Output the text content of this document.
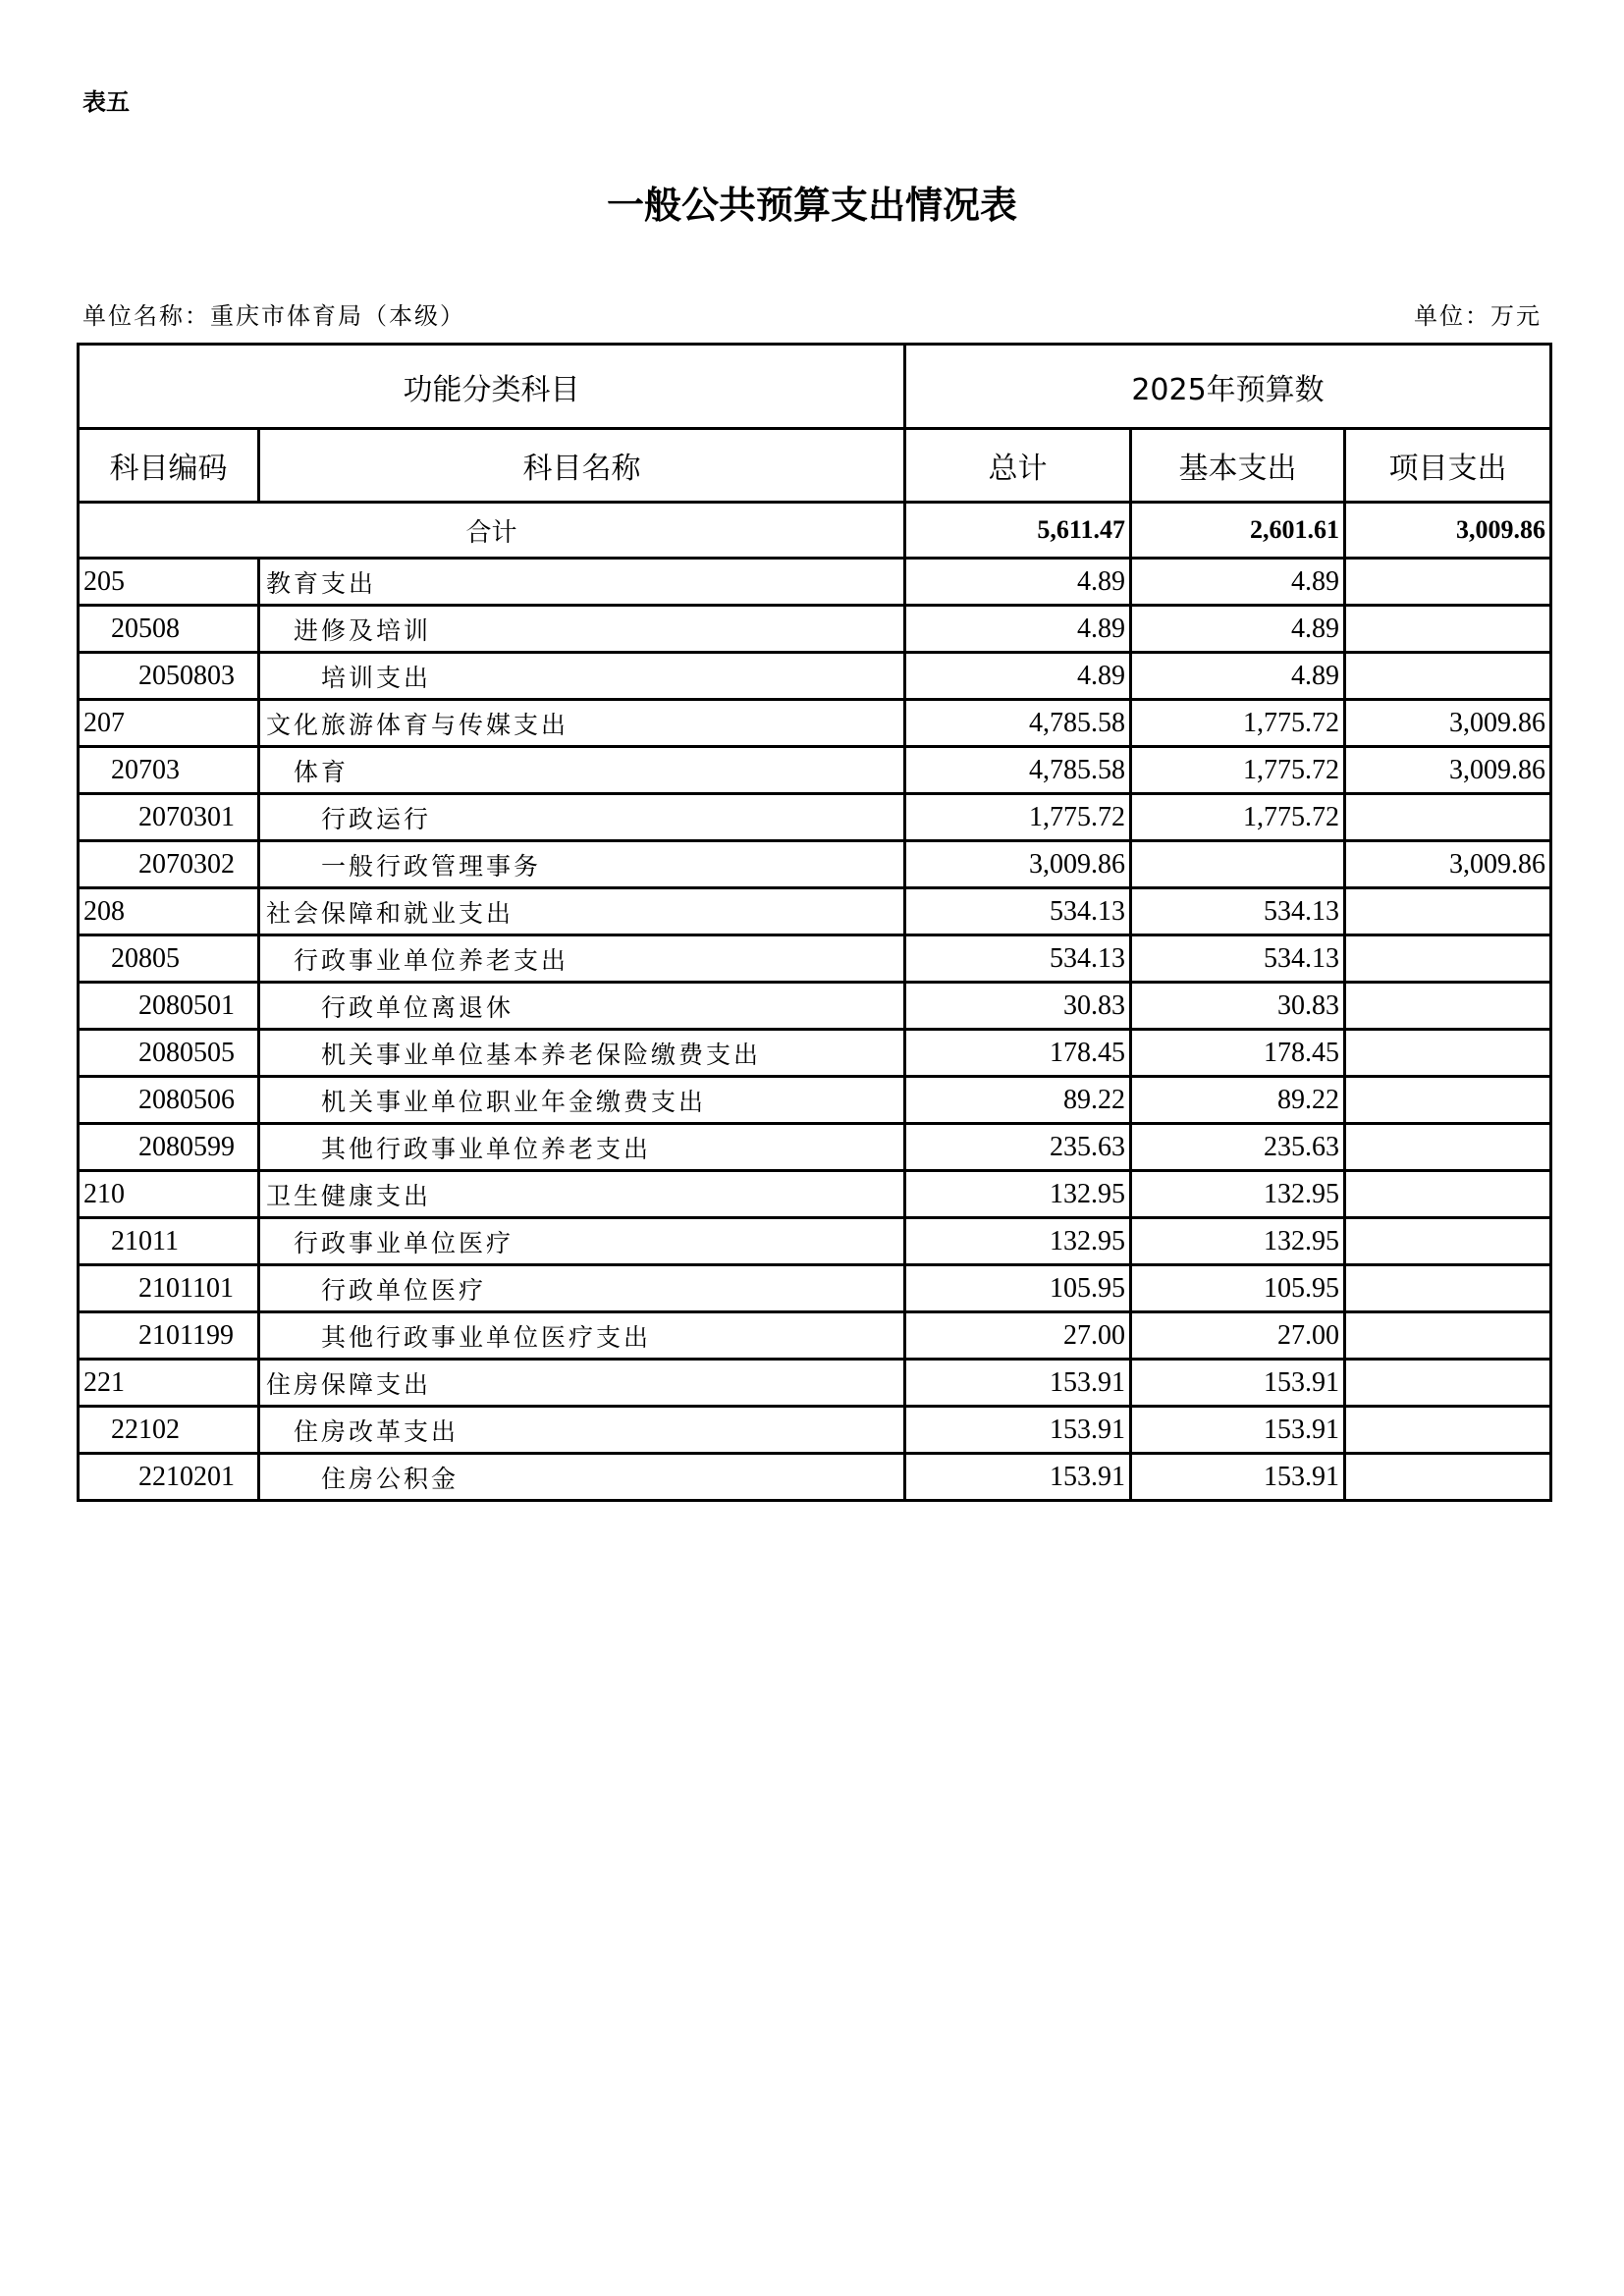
表五
一般公共预算支出情况表
单位名称：重庆市体育局（本级）	单位：万元
功能分类科目		2025年预算数		
科目编码	科目名称	总计	基本支出	项目支出
合计		5,611.47	2,601.61	3,009.86
205	教育支出	4.89	4.89	
20508	进修及培训	4.89	4.89	
2050803	培训支出	4.89	4.89	
207	文化旅游体育与传媒支出	4,785.58	1,775.72	3,009.86
20703	体育	4,785.58	1,775.72	3,009.86
2070301	行政运行	1,775.72	1,775.72	
2070302	一般行政管理事务	3,009.86		3,009.86
208	社会保障和就业支出	534.13	534.13	
20805	行政事业单位养老支出	534.13	534.13	
2080501	行政单位离退休	30.83	30.83	
2080505	机关事业单位基本养老保险缴费支出	178.45	178.45	
2080506	机关事业单位职业年金缴费支出	89.22	89.22	
2080599	其他行政事业单位养老支出	235.63	235.63	
210	卫生健康支出	132.95	132.95	
21011	行政事业单位医疗	132.95	132.95	
2101101	行政单位医疗	105.95	105.95	
2101199	其他行政事业单位医疗支出	27.00	27.00	
221	住房保障支出	153.91	153.91	
22102	住房改革支出	153.91	153.91	
2210201	住房公积金	153.91	153.91	
